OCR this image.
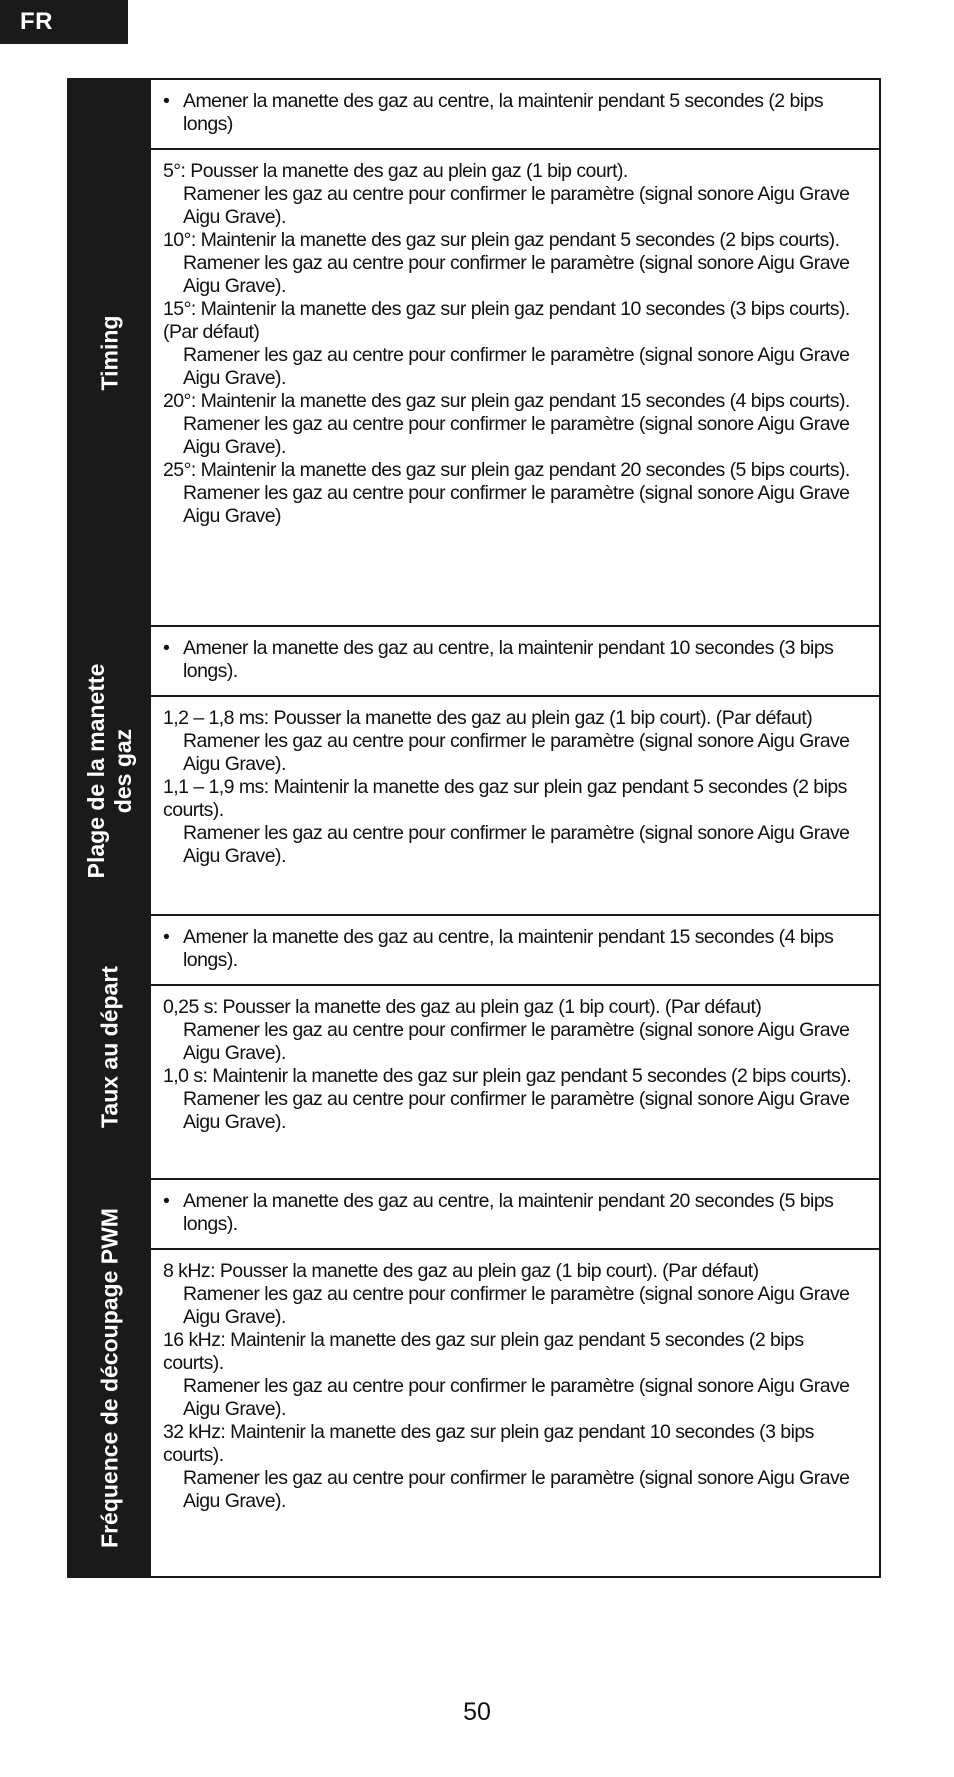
FR
Timing
• Amener la manette des gaz au centre, la maintenir pendant 5 secondes (2 bips longs)
5°: Pousser la manette des gaz au plein gaz (1 bip court).
Ramener les gaz au centre pour confirmer le paramètre (signal sonore Aigu Grave Aigu Grave).
10°: Maintenir la manette des gaz sur plein gaz pendant 5 secondes (2 bips courts).
Ramener les gaz au centre pour confirmer le paramètre (signal sonore Aigu Grave Aigu Grave).
15°: Maintenir la manette des gaz sur plein gaz pendant 10 secondes (3 bips courts). (Par défaut)
Ramener les gaz au centre pour confirmer le paramètre (signal sonore Aigu Grave Aigu Grave).
20°: Maintenir la manette des gaz sur plein gaz pendant 15 secondes (4 bips courts).
Ramener les gaz au centre pour confirmer le paramètre (signal sonore Aigu Grave Aigu Grave).
25°: Maintenir la manette des gaz sur plein gaz pendant 20 secondes (5 bips courts).
Ramener les gaz au centre pour confirmer le paramètre (signal sonore Aigu Grave Aigu Grave)
Plage de la manette des gaz
• Amener la manette des gaz au centre, la maintenir pendant 10 secondes (3 bips longs).
1,2 – 1,8 ms: Pousser la manette des gaz au plein gaz (1 bip court). (Par défaut)
Ramener les gaz au centre pour confirmer le paramètre (signal sonore Aigu Grave Aigu Grave).
1,1 – 1,9 ms: Maintenir la manette des gaz sur plein gaz pendant 5 secondes (2 bips courts).
Ramener les gaz au centre pour confirmer le paramètre (signal sonore Aigu Grave Aigu Grave).
Taux au départ
• Amener la manette des gaz au centre, la maintenir pendant 15 secondes (4 bips longs).
0,25 s: Pousser la manette des gaz au plein gaz (1 bip court). (Par défaut)
Ramener les gaz au centre pour confirmer le paramètre (signal sonore Aigu Grave Aigu Grave).
1,0 s: Maintenir la manette des gaz sur plein gaz pendant 5 secondes (2 bips courts).
Ramener les gaz au centre pour confirmer le paramètre (signal sonore Aigu Grave Aigu Grave).
Fréquence de découpage PWM
• Amener la manette des gaz au centre, la maintenir pendant 20 secondes (5 bips longs).
8 kHz: Pousser la manette des gaz au plein gaz (1 bip court). (Par défaut)
Ramener les gaz au centre pour confirmer le paramètre (signal sonore Aigu Grave Aigu Grave).
16 kHz: Maintenir la manette des gaz sur plein gaz pendant 5 secondes (2 bips courts).
Ramener les gaz au centre pour confirmer le paramètre (signal sonore Aigu Grave Aigu Grave).
32 kHz: Maintenir la manette des gaz sur plein gaz pendant 10 secondes (3 bips courts).
Ramener les gaz au centre pour confirmer le paramètre (signal sonore Aigu Grave Aigu Grave).
50
